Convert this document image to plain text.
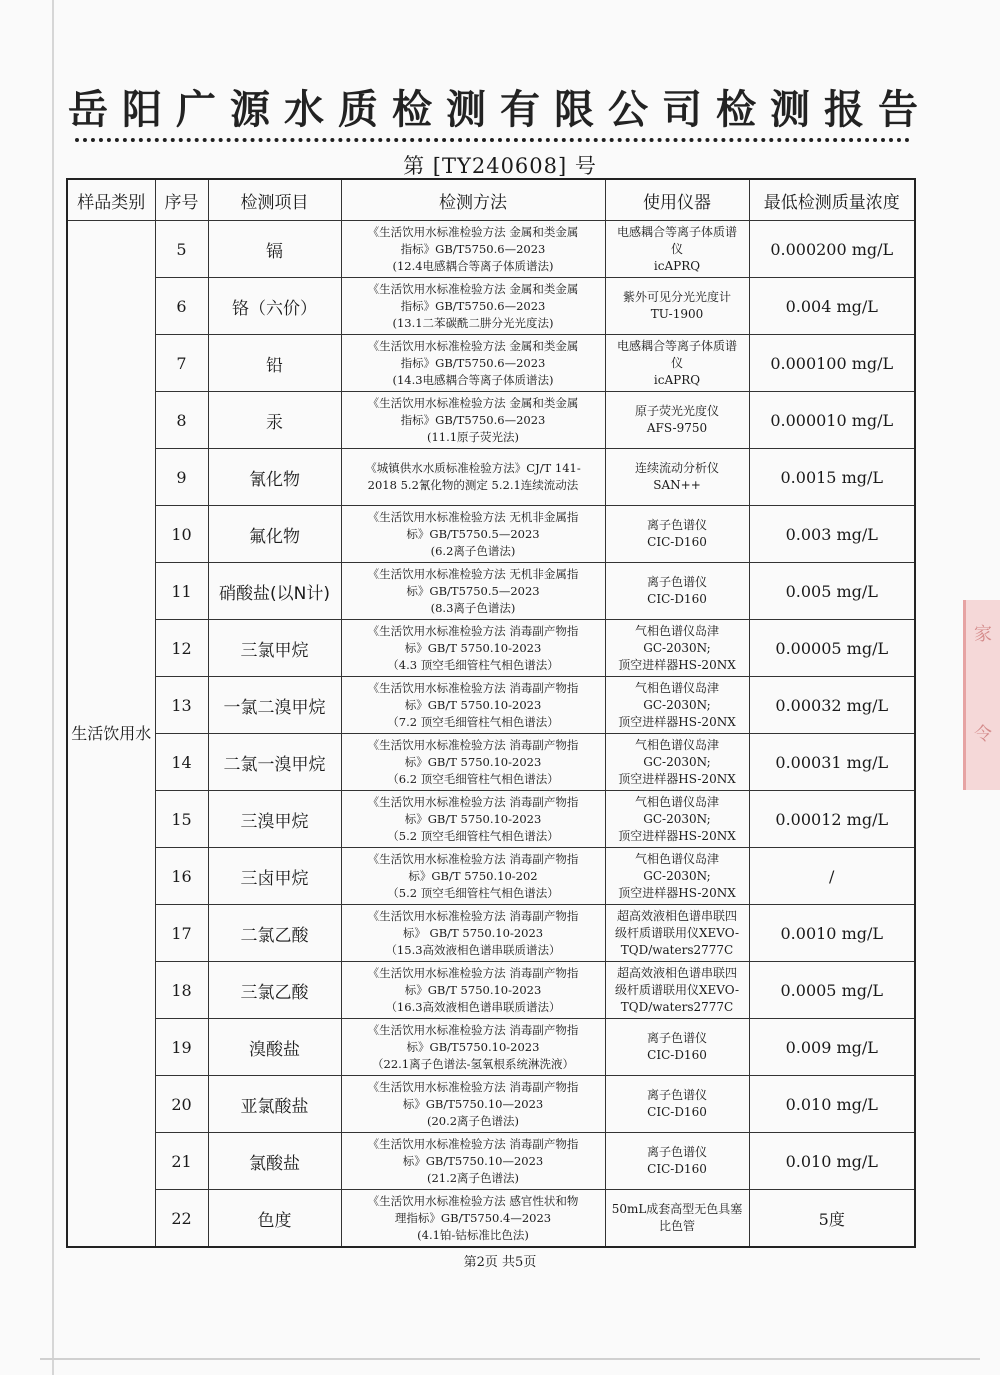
岳阳广源水质检测有限公司检测报告
第 [TY240608] 号
样品类别	序号	检测项目	检测方法	使用仪器	最低检测质量浓度
生活饮用水	5	镉	《生活饮用水标准检验方法 金属和类金属
指标》GB/T5750.6—2023
(12.4电感耦合等离子体质谱法)	电感耦合等离子体质谱
仪
icAPRQ	0.000200 mg/L
	6	铬（六价）	《生活饮用水标准检验方法 金属和类金属
指标》GB/T5750.6—2023
(13.1二苯碳酰二肼分光光度法)	紫外可见分光光度计
TU-1900	0.004 mg/L
	7	铅	《生活饮用水标准检验方法 金属和类金属
指标》GB/T5750.6—2023
(14.3电感耦合等离子体质谱法)	电感耦合等离子体质谱
仪
icAPRQ	0.000100 mg/L
	8	汞	《生活饮用水标准检验方法 金属和类金属
指标》GB/T5750.6—2023
(11.1原子荧光法)	原子荧光光度仪
AFS-9750	0.000010 mg/L
	9	氰化物	《城镇供水水质标准检验方法》CJ/T 141-
2018 5.2氰化物的测定 5.2.1连续流动法	连续流动分析仪
SAN++	0.0015 mg/L
	10	氟化物	《生活饮用水标准检验方法 无机非金属指
标》GB/T5750.5—2023
(6.2离子色谱法)	离子色谱仪
CIC-D160	0.003 mg/L
	11	硝酸盐(以N计)	《生活饮用水标准检验方法 无机非金属指
标》GB/T5750.5—2023
(8.3离子色谱法)	离子色谱仪
CIC-D160	0.005 mg/L
	12	三氯甲烷	《生活饮用水标准检验方法 消毒副产物指
标》GB/T 5750.10-2023
（4.3 顶空毛细管柱气相色谱法）	气相色谱仪岛津
GC-2030N;
顶空进样器HS-20NX	0.00005 mg/L
	13	一氯二溴甲烷	《生活饮用水标准检验方法 消毒副产物指
标》GB/T 5750.10-2023
（7.2 顶空毛细管柱气相色谱法）	气相色谱仪岛津
GC-2030N;
顶空进样器HS-20NX	0.00032 mg/L
	14	二氯一溴甲烷	《生活饮用水标准检验方法 消毒副产物指
标》GB/T 5750.10-2023
（6.2 顶空毛细管柱气相色谱法）	气相色谱仪岛津
GC-2030N;
顶空进样器HS-20NX	0.00031 mg/L
	15	三溴甲烷	《生活饮用水标准检验方法 消毒副产物指
标》GB/T 5750.10-2023
（5.2 顶空毛细管柱气相色谱法）	气相色谱仪岛津
GC-2030N;
顶空进样器HS-20NX	0.00012 mg/L
	16	三卤甲烷	《生活饮用水标准检验方法 消毒副产物指
标》GB/T 5750.10-202
（5.2 顶空毛细管柱气相色谱法）	气相色谱仪岛津
GC-2030N;
顶空进样器HS-20NX	/
	17	二氯乙酸	《生活饮用水标准检验方法 消毒副产物指
标》 GB/T 5750.10-2023
（15.3高效液相色谱串联质谱法）	超高效液相色谱串联四
级杆质谱联用仪XEVO-
TQD/waters2777C	0.0010 mg/L
	18	三氯乙酸	《生活饮用水标准检验方法 消毒副产物指
标》GB/T 5750.10-2023
（16.3高效液相色谱串联质谱法）	超高效液相色谱串联四
级杆质谱联用仪XEVO-
TQD/waters2777C	0.0005 mg/L
	19	溴酸盐	《生活饮用水标准检验方法 消毒副产物指
标》GB/T5750.10-2023
（22.1离子色谱法-氢氧根系统淋洗液）	离子色谱仪
CIC-D160	0.009 mg/L
	20	亚氯酸盐	《生活饮用水标准检验方法 消毒副产物指
标》GB/T5750.10—2023
(20.2离子色谱法)	离子色谱仪
CIC-D160	0.010 mg/L
	21	氯酸盐	《生活饮用水标准检验方法 消毒副产物指
标》GB/T5750.10—2023
(21.2离子色谱法)	离子色谱仪
CIC-D160	0.010 mg/L
	22	色度	《生活饮用水标准检验方法 感官性状和物
理指标》GB/T5750.4—2023
(4.1铂-钴标准比色法)	50mL成套高型无色具塞
比色管	5度
第2页 共5页
家
令
